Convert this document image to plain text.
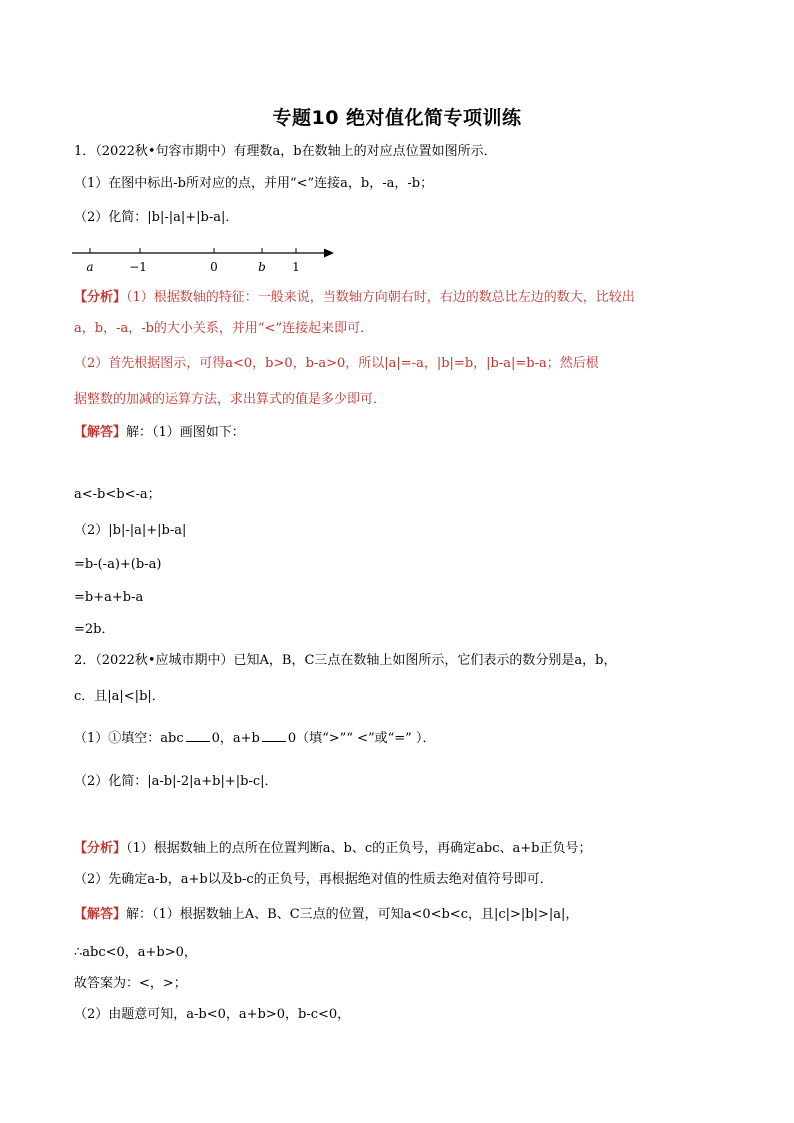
专题10 绝对值化简专项训练
1．（2022秋•句容市期中）有理数a，b在数轴上的对应点位置如图所示．
（1）在图中标出-b所对应的点，并用“<”连接a，b，-a，-b；
（2）化简：|b|-|a|+|b-a|．
a	−1	0	b 1
【分析】（1）根据数轴的特征：一般来说，当数轴方向朝右时，右边的数总比左边的数大，比较出
a，b，-a，-b的大小关系，并用“<”连接起来即可．
（2）首先根据图示，可得a<0，b>0，b-a>0，所以|a|=-a，|b|=b，|b-a|=b-a；然后根
据整数的加减的运算方法，求出算式的值是多少即可．
【解答】解：（1）画图如下：
a<-b<b<-a；
（2）|b|-|a|+|b-a|
=b-(-a)+(b-a)
=b+a+b-a
=2b．
2．（2022秋•应城市期中）已知A，B，C三点在数轴上如图所示，它们表示的数分别是a，b，
c．且|a|<|b|．
（1）①填空：abc 0，a+b 0（填“>”“ <”或“=” ）．
（2）化简：|a-b|-2|a+b|+|b-c|．
【分析】（1）根据数轴上的点所在位置判断a、b、c的正负号，再确定abc、a+b正负号；
（2）先确定a-b，a+b以及b-c的正负号，再根据绝对值的性质去绝对值符号即可．
【解答】解：（1）根据数轴上A、B、C三点的位置，可知a<0<b<c，且|c|>|b|>|a|，
∴abc<0，a+b>0，
故答案为：<，>；
（2）由题意可知，a-b<0，a+b>0，b-c<0，
